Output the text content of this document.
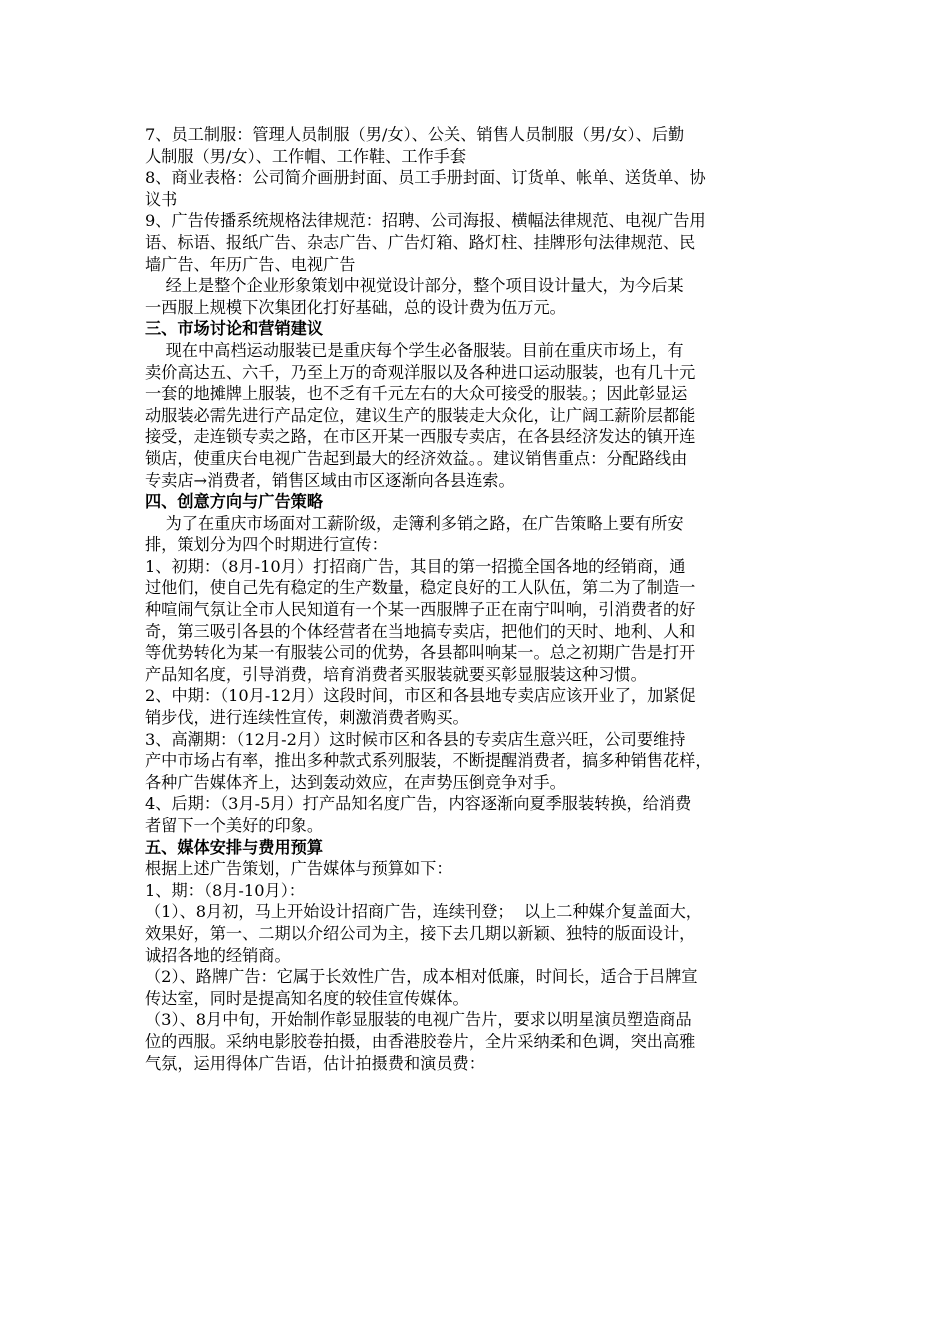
7、员工制服：管理人员制服（男/女）、公关、销售人员制服（男/女）、后勤
人制服（男/女）、工作帽、工作鞋、工作手套
8、商业表格：公司简介画册封面、员工手册封面、订货单、帐单、送货单、协
议书
9、广告传播系统规格法律规范：招聘、公司海报、横幅法律规范、电视广告用
语、标语、报纸广告、杂志广告、广告灯箱、路灯柱、挂牌形句法律规范、民
墙广告、年历广告、电视广告
经上是整个企业形象策划中视觉设计部分，整个项目设计量大，为今后某
一西服上规模下次集团化打好基础，总的设计费为伍万元。
三、市场讨论和营销建议
现在中高档运动服装已是重庆每个学生必备服装。目前在重庆市场上，有
卖价高达五、六千，乃至上万的奇观洋服以及各种进口运动服装，也有几十元
一套的地摊牌上服装，也不乏有千元左右的大众可接受的服装。；因此彰显运
动服装必需先进行产品定位，建议生产的服装走大众化，让广阔工薪阶层都能
接受，走连锁专卖之路，在市区开某一西服专卖店，在各县经济发达的镇开连
锁店，使重庆台电视广告起到最大的经济效益。。建议销售重点：分配路线由
专卖店→消费者，销售区域由市区逐渐向各县连索。
四、创意方向与广告策略
为了在重庆市场面对工薪阶级，走簿利多销之路，在广告策略上要有所安
排，策划分为四个时期进行宣传：
1、初期：（8月-10月）打招商广告，其目的第一招揽全国各地的经销商，通
过他们，使自己先有稳定的生产数量，稳定良好的工人队伍，第二为了制造一
种喧闹气氛让全市人民知道有一个某一西服牌子正在南宁叫响，引消费者的好
奇，第三吸引各县的个体经营者在当地搞专卖店，把他们的天时、地利、人和
等优势转化为某一有服装公司的优势，各县都叫响某一。总之初期广告是打开
产品知名度，引导消费，培育消费者买服装就要买彰显服装这种习惯。
2、中期：（10月-12月）这段时间，市区和各县地专卖店应该开业了，加紧促
销步伐，进行连续性宣传，刺激消费者购买。
3、高潮期：（12月-2月）这时候市区和各县的专卖店生意兴旺，公司要维持
产中市场占有率，推出多种款式系列服装，不断提醒消费者，搞多种销售花样，
各种广告媒体齐上，达到轰动效应，在声势压倒竞争对手。
4、后期：（3月-5月）打产品知名度广告，内容逐渐向夏季服装转换，给消费
者留下一个美好的印象。
五、媒体安排与费用预算
根据上述广告策划，广告媒体与预算如下：
1、期：（8月-10月）：
（1）、8月初，马上开始设计招商广告，连续刊登；  以上二种媒介复盖面大，
效果好，第一、二期以介绍公司为主，接下去几期以新颖、独特的版面设计，
诚招各地的经销商。
（2）、路牌广告：它属于长效性广告，成本相对低廉，时间长，适合于吕牌宣
传达室，同时是提高知名度的较佳宣传媒体。
（3）、8月中旬，开始制作彰显服装的电视广告片，要求以明星演员塑造商品
位的西服。采纳电影胶卷拍摄，由香港胶卷片，全片采纳柔和色调，突出高雅
气氛，运用得体广告语，估计拍摄费和演员费：
